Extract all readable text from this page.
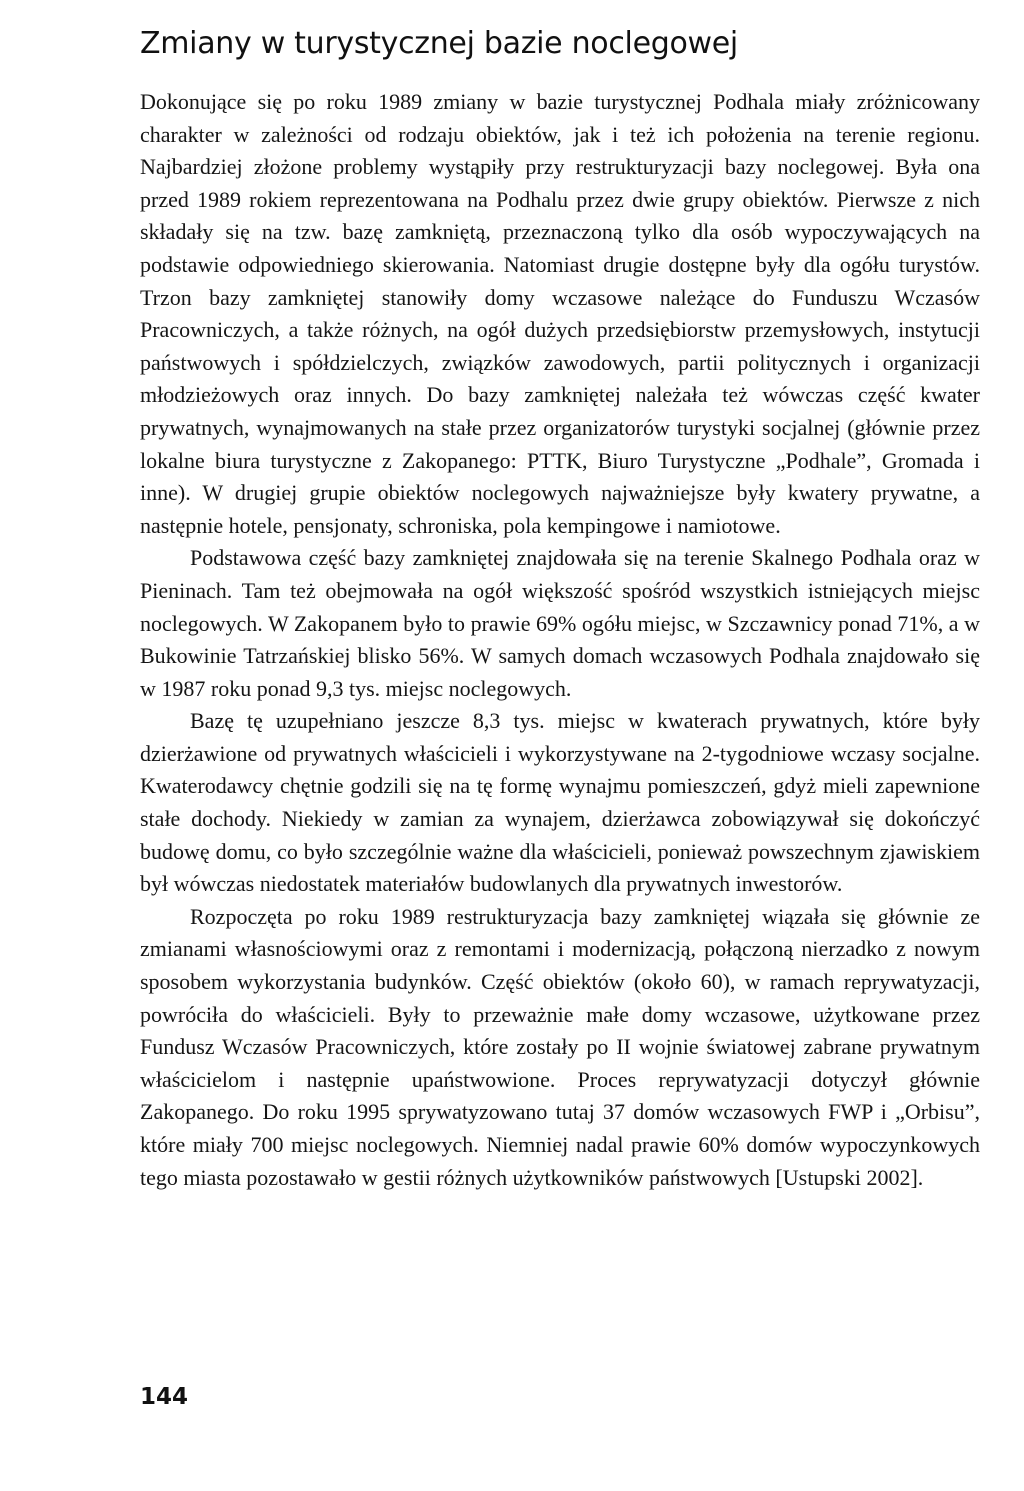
Zmiany w turystycznej bazie noclegowej

Dokonujące się po roku 1989 zmiany w bazie turystycznej Podhala miały zróżnicowany charakter w zależności od rodzaju obiektów, jak i też ich położenia na terenie regionu. Najbardziej złożone problemy wystąpiły przy restrukturyzacji bazy noclegowej. Była ona przed 1989 rokiem reprezentowana na Podhalu przez dwie grupy obiektów. Pierwsze z nich składały się na tzw. bazę zamkniętą, przeznaczoną tylko dla osób wypoczywających na podstawie odpowiedniego skierowania. Natomiast drugie dostępne były dla ogółu turystów. Trzon bazy zamkniętej stanowiły domy wczasowe należące do Funduszu Wczasów Pracowniczych, a także różnych, na ogół dużych przedsiębiorstw przemysłowych, instytucji państwowych i spółdzielczych, związków zawodowych, partii politycznych i organizacji młodzieżowych oraz innych. Do bazy zamkniętej należała też wówczas część kwater prywatnych, wynajmowanych na stałe przez organizatorów turystyki socjalnej (głównie przez lokalne biura turystyczne z Zakopanego: PTTK, Biuro Turystyczne „Podhale”, Gromada i inne). W drugiej grupie obiektów noclegowych najważniejsze były kwatery prywatne, a następnie hotele, pensjonaty, schroniska, pola kempingowe i namiotowe.

Podstawowa część bazy zamkniętej znajdowała się na terenie Skalnego Podhala oraz w Pieninach. Tam też obejmowała na ogół większość spośród wszystkich istniejących miejsc noclegowych. W Zakopanem było to prawie 69% ogółu miejsc, w Szczawnicy ponad 71%, a w Bukowinie Tatrzańskiej blisko 56%. W samych domach wczasowych Podhala znajdowało się w 1987 roku ponad 9,3 tys. miejsc noclegowych.

Bazę tę uzupełniano jeszcze 8,3 tys. miejsc w kwaterach prywatnych, które były dzierżawione od prywatnych właścicieli i wykorzystywane na 2-tygodniowe wczasy socjalne. Kwaterodawcy chętnie godzili się na tę formę wynajmu pomieszczeń, gdyż mieli zapewnione stałe dochody. Niekiedy w zamian za wynajem, dzierżawca zobowiązywał się dokończyć budowę domu, co było szczególnie ważne dla właścicieli, ponieważ powszechnym zjawiskiem był wówczas niedostatek materiałów budowlanych dla prywatnych inwestorów.

Rozpoczęta po roku 1989 restrukturyzacja bazy zamkniętej wiązała się głównie ze zmianami własnościowymi oraz z remontami i modernizacją, połączoną nierzadko z nowym sposobem wykorzystania budynków. Część obiektów (około 60), w ramach reprywatyzacji, powróciła do właścicieli. Były to przeważnie małe domy wczasowe, użytkowane przez Fundusz Wczasów Pracowniczych, które zostały po II wojnie światowej zabrane prywatnym właścicielom i następnie upaństwowione. Proces reprywatyzacji dotyczył głównie Zakopanego. Do roku 1995 sprywatyzowano tutaj 37 domów wczasowych FWP i „Orbisu”, które miały 700 miejsc noclegowych. Niemniej nadal prawie 60% domów wypoczynkowych tego miasta pozostawało w gestii różnych użytkowników państwowych [Ustupski 2002].

144
